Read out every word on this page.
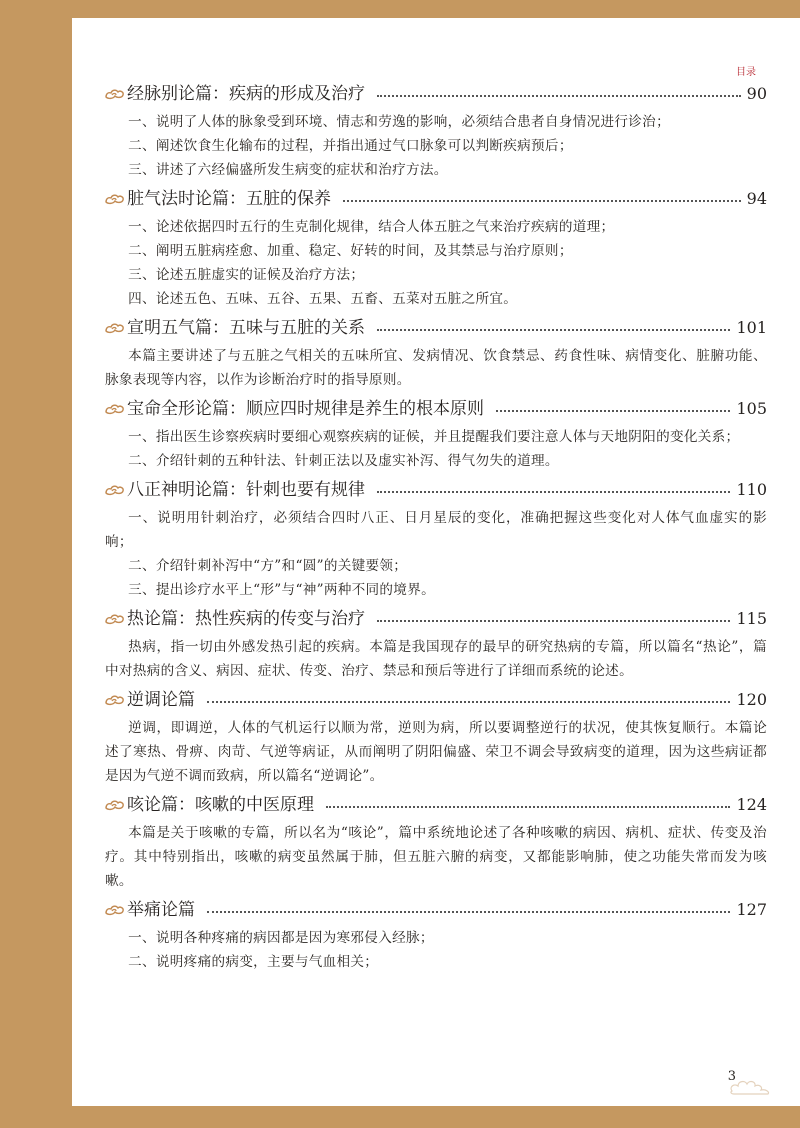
目录
经脉别论篇：疾病的形成及治疗	90

一、说明了人体的脉象受到环境、情志和劳逸的影响，必须结合患者自身情况进行诊治；

二、阐述饮食生化输布的过程，并指出通过气口脉象可以判断疾病预后；

三、讲述了六经偏盛所发生病变的症状和治疗方法。

脏气法时论篇：五脏的保养	94

一、论述依据四时五行的生克制化规律，结合人体五脏之气来治疗疾病的道理；

二、阐明五脏病痊愈、加重、稳定、好转的时间，及其禁忌与治疗原则；

三、论述五脏虚实的证候及治疗方法；

四、论述五色、五味、五谷、五果、五畜、五菜对五脏之所宜。

宣明五气篇：五味与五脏的关系	101

本篇主要讲述了与五脏之气相关的五味所宜、发病情况、饮食禁忌、药食性味、病情变化、脏腑功能、脉象表现等内容，以作为诊断治疗时的指导原则。

宝命全形论篇：顺应四时规律是养生的根本原则	105

一、指出医生诊察疾病时要细心观察疾病的证候，并且提醒我们要注意人体与天地阴阳的变化关系；

二、介绍针刺的五种针法、针刺正法以及虚实补泻、得气勿失的道理。

八正神明论篇：针刺也要有规律	110

一、说明用针刺治疗，必须结合四时八正、日月星辰的变化，准确把握这些变化对人体气血虚实的影响；

二、介绍针刺补泻中“方”和“圆”的关键要领；

三、提出诊疗水平上“形”与“神”两种不同的境界。

热论篇：热性疾病的传变与治疗	115

热病，指一切由外感发热引起的疾病。本篇是我国现存的最早的研究热病的专篇，所以篇名“热论”，篇中对热病的含义、病因、症状、传变、治疗、禁忌和预后等进行了详细而系统的论述。

逆调论篇	120

逆调，即调逆，人体的气机运行以顺为常，逆则为病，所以要调整逆行的状况，使其恢复顺行。本篇论述了寒热、骨痹、肉苛、气逆等病证，从而阐明了阴阳偏盛、荣卫不调会导致病变的道理，因为这些病证都是因为气逆不调而致病，所以篇名“逆调论”。

咳论篇：咳嗽的中医原理	124

本篇是关于咳嗽的专篇，所以名为“咳论”，篇中系统地论述了各种咳嗽的病因、病机、症状、传变及治疗。其中特别指出，咳嗽的病变虽然属于肺，但五脏六腑的病变，又都能影响肺，使之功能失常而发为咳嗽。

举痛论篇	127

一、说明各种疼痛的病因都是因为寒邪侵入经脉；

二、说明疼痛的病变，主要与气血相关；

3
